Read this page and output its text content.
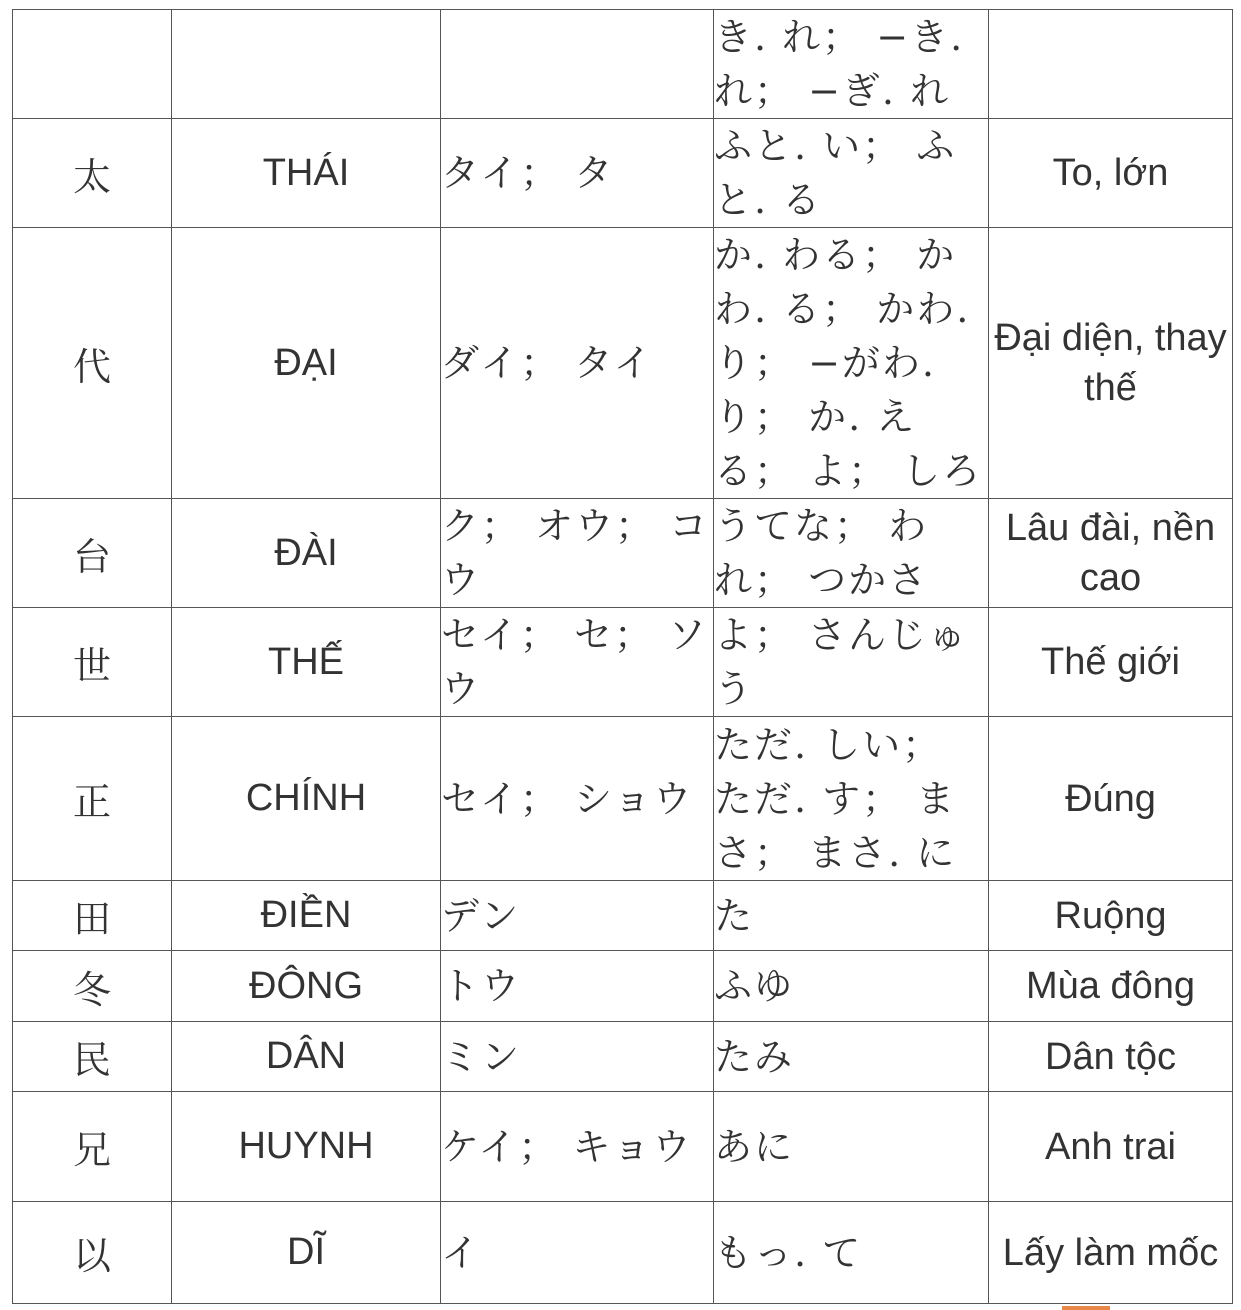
			き. れ； −き. れ； −ぎ. れ	
太	THÁI	タイ； タ	ふと. い； ふと. る	To, lớn
代	ĐẠI	ダイ； タイ	か. わる； かわ. る； かわ. り； −がわ. り； か. える； よ； しろ	Đại diện, thay thế
台	ĐÀI	ク； オウ； コウ	うてな； われ； つかさ	Lâu đài, nền cao
世	THẾ	セイ； セ； ソウ	よ； さんじゅう	Thế giới
正	CHÍNH	セイ； ショウ	ただ. しい； ただ. す； まさ； まさ. に	Đúng
田	ĐIỀN	デン	た	Ruộng
冬	ĐÔNG	トウ	ふゆ	Mùa đông
民	DÂN	ミン	たみ	Dân tộc
兄	HUYNH	ケイ； キョウ	あに	Anh trai
以	DĨ	イ	もっ. て	Lấy làm mốc
